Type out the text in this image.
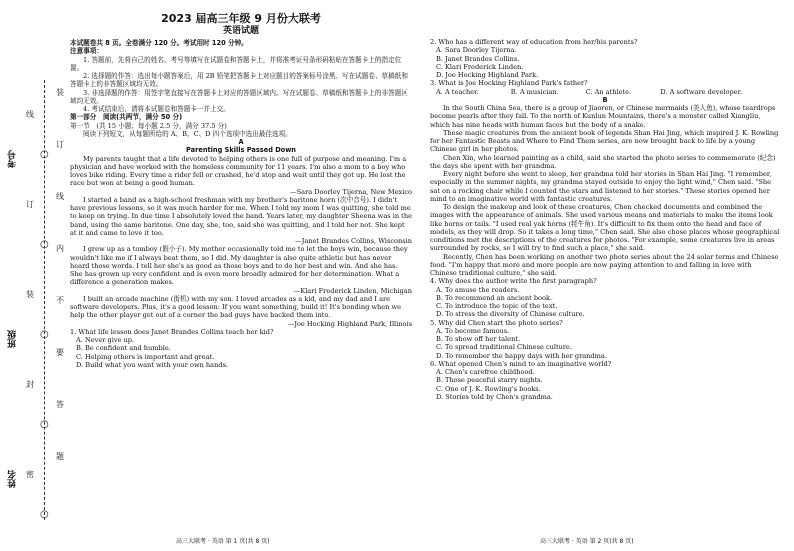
姓名
班级
考号
装
订
线
内
不
要
答
题
线
○
订
○
装
○
封
○
密
○

2023 届高三年级 9 月份大联考

英语试题

本试题卷共 8 页。全卷满分 120 分。考试用时 120 分钟。

注意事项：

1. 答题前，先将自己的姓名、考号等填写在试题卷和答题卡上，并将准考证号条形码粘贴在答题卡上的指定位置。

2. 选择题的作答：选出每小题答案后，用 2B 铅笔把答题卡上对应题目的答案标号涂黑。写在试题卷、草稿纸和答题卡上的非答题区域均无效。

3. 非选择题的作答：用签字笔直接写在答题卡上对应的答题区域内。写在试题卷、草稿纸和答题卡上的非答题区域均无效。

4. 考试结束后，请将本试题卷和答题卡一并上交。

第一部分　阅读(共两节，满分 50 分)

第一节　(共 15 小题；每小题 2.5 分，满分 37.5 分)

阅读下列短文，从每题所给的 A、B、C、D 四个选项中选出最佳选项。

A

Parenting Skills Passed Down

My parents taught that a life devoted to helping others is one full of purpose and meaning. I'm a physician and have worked with the homeless community for 11 years. I'm also a mom to a boy who loves bike riding. Every time a rider fell or crashed, he'd stop and wait until they got up. He lost the race but won at being a good human.

—Sara Doorley Tijerna, New Mexico

I started a band as a high-school freshman with my brother's baritone horn (次中音号). I didn't have previous lessons, so it was much harder for me. When I told my mom I was quitting, she told me to keep on trying. In due time I absolutely loved the band. Years later, my daughter Sheena was in the band, using the same baritone. One day, she, too, said she was quitting, and I told her not. She kept at it and came to love it too.

—Janet Brandes Collins, Wisconsin

I grew up as a tomboy (假小子). My mother occasionally told me to let the boys win, because they wouldn't like me if I always beat them, so I did. My daughter is also quite athletic but has never heard those words. I tell her she's as good as those boys and to do her best and win. And she has. She has grown up very confident and is even more broadly admired for her determination. What a difference a generation makes.

—Klari Frederick Linden, Michigan

I built an arcade machine (街机) with my son. I loved arcades as a kid, and my dad and I are software developers. Plus, it's a good lesson: If you want something, build it! It's bonding when we help the other player get out of a corner the bad guys have backed them into.

—Joe Hocking Highland Park, Illinois

1. What life lesson does Janet Brandes Collins teach her kid?

A. Never give up.

B. Be confident and humble.

C. Helping others is important and great.

D. Build what you want with your own hands.

2. Who has a different way of education from her/his parents?

A. Sara Doorley Tijerna.

B. Janet Brandes Collins.

C. Klari Frederick Linden.

D. Joe Hocking Highland Park.

3. What is Joe Hocking Highland Park's father?

A. A teacher.	B. A musician.	C. An athlete.	D. A software developer.

B

In the South China Sea, there is a group of Jiaoren, or Chinese mermaids (美人鱼), whose teardrops become pearls after they fall. To the north of Kunlun Mountains, there's a monster called Xiangliu, which has nine heads with human faces but the body of a snake.

These magic creatures from the ancient book of legends Shan Hai Jing, which inspired J. K. Rowling for her Fantastic Beasts and Where to Find Them series, are now brought back to life by a young Chinese girl in her photos.

Chen Xin, who learned painting as a child, said she started the photo series to commemorate (纪念) the days she spent with her grandma.

Every night before she went to sleep, her grandma told her stories in Shan Hai Jing. "I remember, especially in the summer nights, my grandma stayed outside to enjoy the light wind," Chen said. "She sat on a rocking chair while I counted the stars and listened to her stories." These stories opened her mind to an imaginative world with fantastic creatures.

To design the makeup and look of these creatures, Chen checked documents and combined the images with the appearance of animals. She used various means and materials to make the items look like horns or tails. "I used real yak horns (牦牛角). It's difficult to fix them onto the head and face of models, as they will drop. So it takes a long time," Chen said. She also chose places whose geographical conditions met the descriptions of the creatures for photos. "For example, some creatures live in areas surrounded by rocks, so I will try to find such a place," she said.

Recently, Chen has been working on another two photo series about the 24 solar terms and Chinese food. "I'm happy that more and more people are now paying attention to and falling in love with Chinese traditional culture," she said.

4. Why does the author write the first paragraph?

A. To amuse the readers.

B. To recommend an ancient book.

C. To introduce the topic of the text.

D. To stress the diversity of Chinese culture.

5. Why did Chen start the photo series?

A. To become famous.

B. To show off her talent.

C. To spread traditional Chinese culture.

D. To remember the happy days with her grandma.

6. What opened Chen's mind to an imaginative world?

A. Chen's carefree childhood.

B. Those peaceful starry nights.

C. One of J. K. Rowling's books.

D. Stories told by Chen's grandma.

高三大联考 · 英语 第 1 页(共 8 页)	高三大联考 · 英语 第 2 页(共 8 页)
